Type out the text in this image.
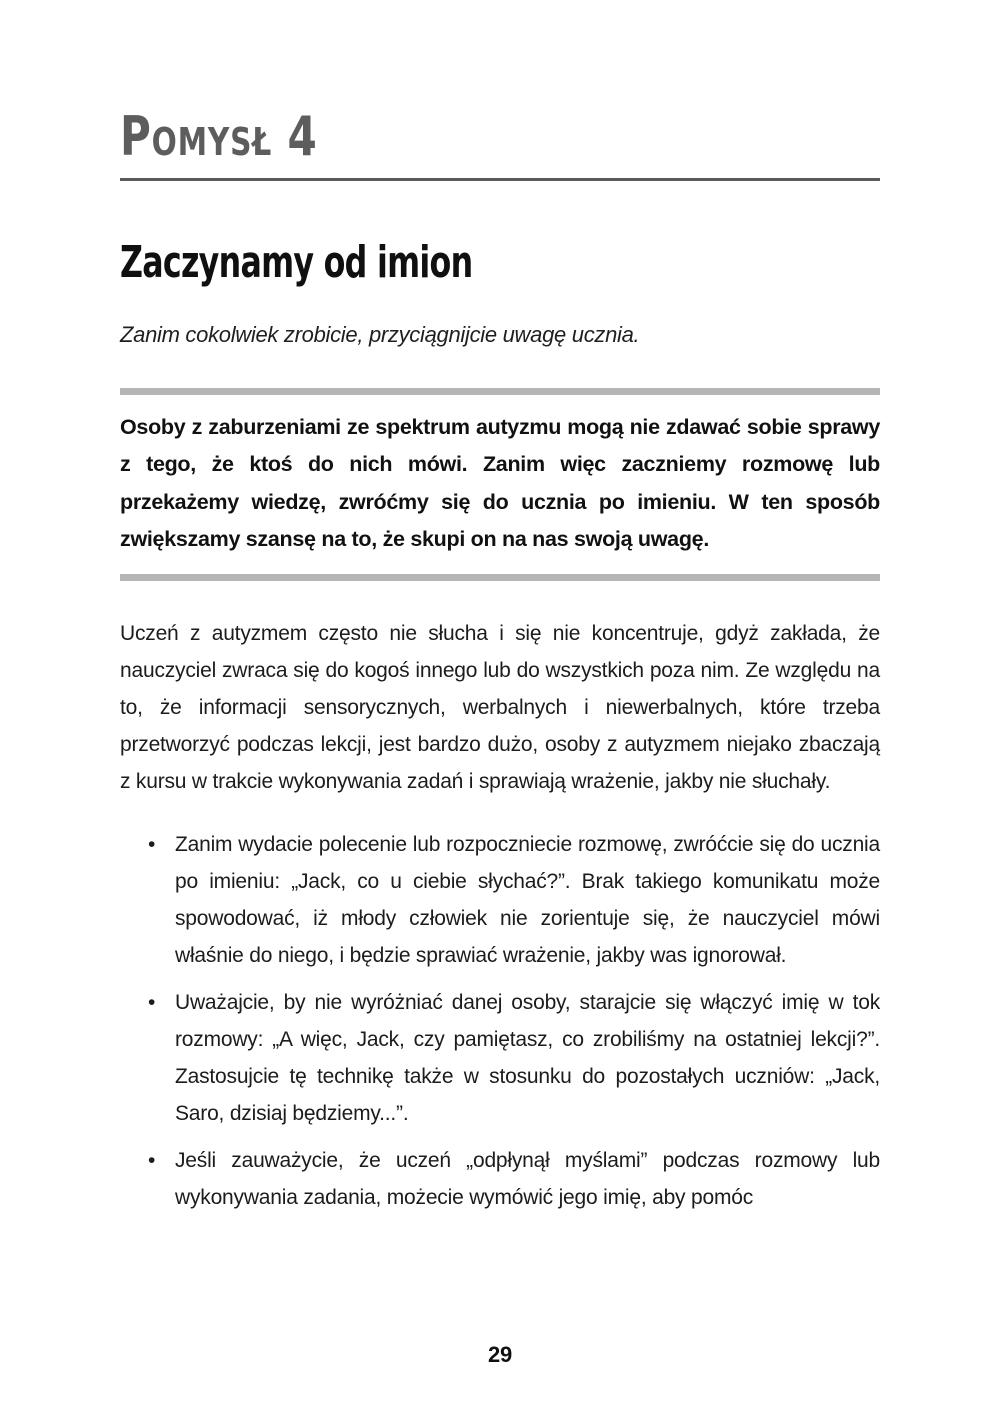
Pomysł 4
Zaczynamy od imion

Zanim cokolwiek zrobicie, przyciągnijcie uwagę ucznia.

Osoby z zaburzeniami ze spektrum autyzmu mogą nie zdawać sobie sprawy z tego, że ktoś do nich mówi. Zanim więc zaczniemy rozmowę lub przekażemy wiedzę, zwróćmy się do ucznia po imieniu. W ten sposób zwiększamy szansę na to, że skupi on na nas swoją uwagę.

Uczeń z autyzmem często nie słucha i się nie koncentruje, gdyż zakłada, że nauczyciel zwraca się do kogoś innego lub do wszystkich poza nim. Ze względu na to, że informacji sensorycznych, werbalnych i niewerbalnych, które trzeba przetworzyć podczas lekcji, jest bardzo dużo, osoby z autyzmem niejako zbaczają z kursu w trakcie wykonywania zadań i sprawiają wrażenie, jakby nie słuchały.

• Zanim wydacie polecenie lub rozpoczniecie rozmowę, zwróćcie się do ucznia po imieniu: „Jack, co u ciebie słychać?”. Brak takiego komunikatu może spowodować, iż młody człowiek nie zorientuje się, że nauczyciel mówi właśnie do niego, i będzie sprawiać wrażenie, jakby was ignorował.
• Uważajcie, by nie wyróżniać danej osoby, starajcie się włączyć imię w tok rozmowy: „A więc, Jack, czy pamiętasz, co zrobiliśmy na ostatniej lekcji?”. Zastosujcie tę technikę także w stosunku do pozostałych uczniów: „Jack, Saro, dzisiaj będziemy...”.
• Jeśli zauważycie, że uczeń „odpłynął myślami” podczas rozmowy lub wykonywania zadania, możecie wymówić jego imię, aby pomóc
29
